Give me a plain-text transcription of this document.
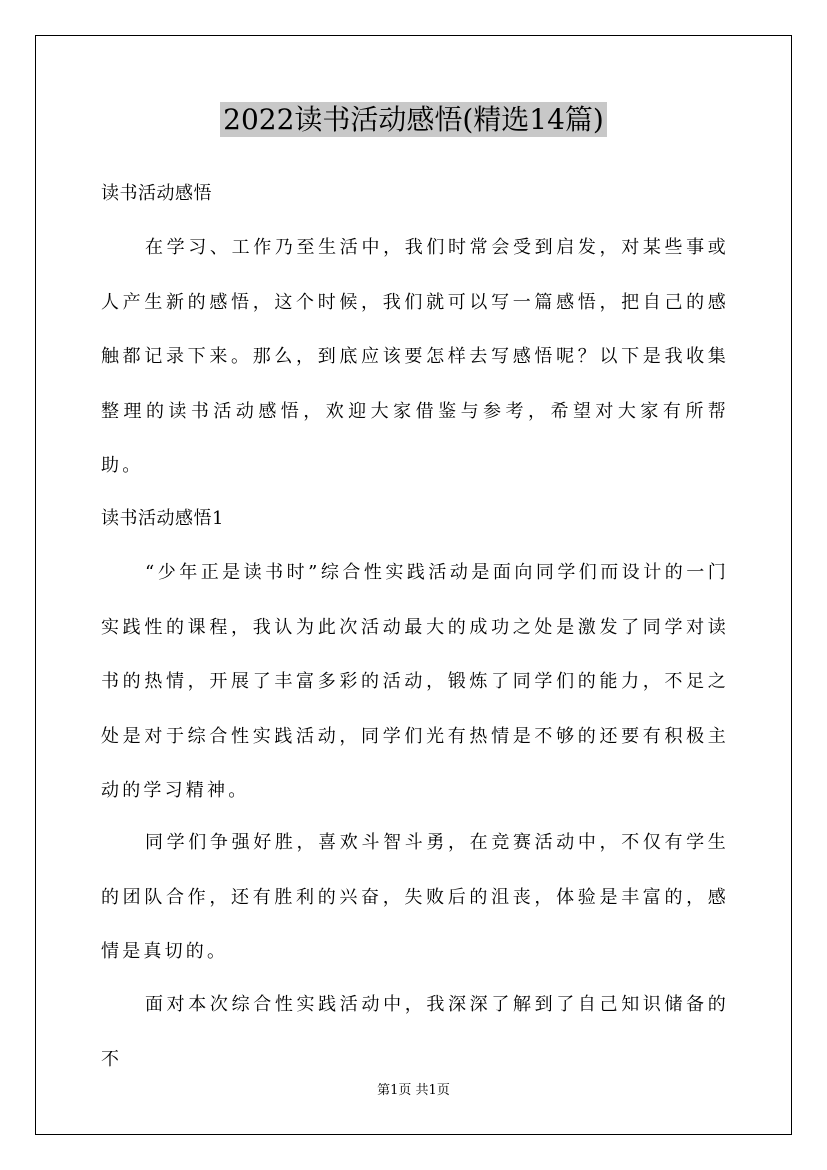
2022读书活动感悟(精选14篇)
读书活动感悟

在学习、工作乃至生活中，我们时常会受到启发，对某些事或人产生新的感悟，这个时候，我们就可以写一篇感悟，把自己的感触都记录下来。那么，到底应该要怎样去写感悟呢？以下是我收集整理的读书活动感悟，欢迎大家借鉴与参考，希望对大家有所帮助。

读书活动感悟1

“少年正是读书时”综合性实践活动是面向同学们而设计的一门实践性的课程，我认为此次活动最大的成功之处是激发了同学对读书的热情，开展了丰富多彩的活动，锻炼了同学们的能力，不足之处是对于综合性实践活动，同学们光有热情是不够的还要有积极主动的学习精神。

同学们争强好胜，喜欢斗智斗勇，在竞赛活动中，不仅有学生的团队合作，还有胜利的兴奋，失败后的沮丧，体验是丰富的，感情是真切的。

面对本次综合性实践活动中，我深深了解到了自己知识储备的不

第1页 共1页
